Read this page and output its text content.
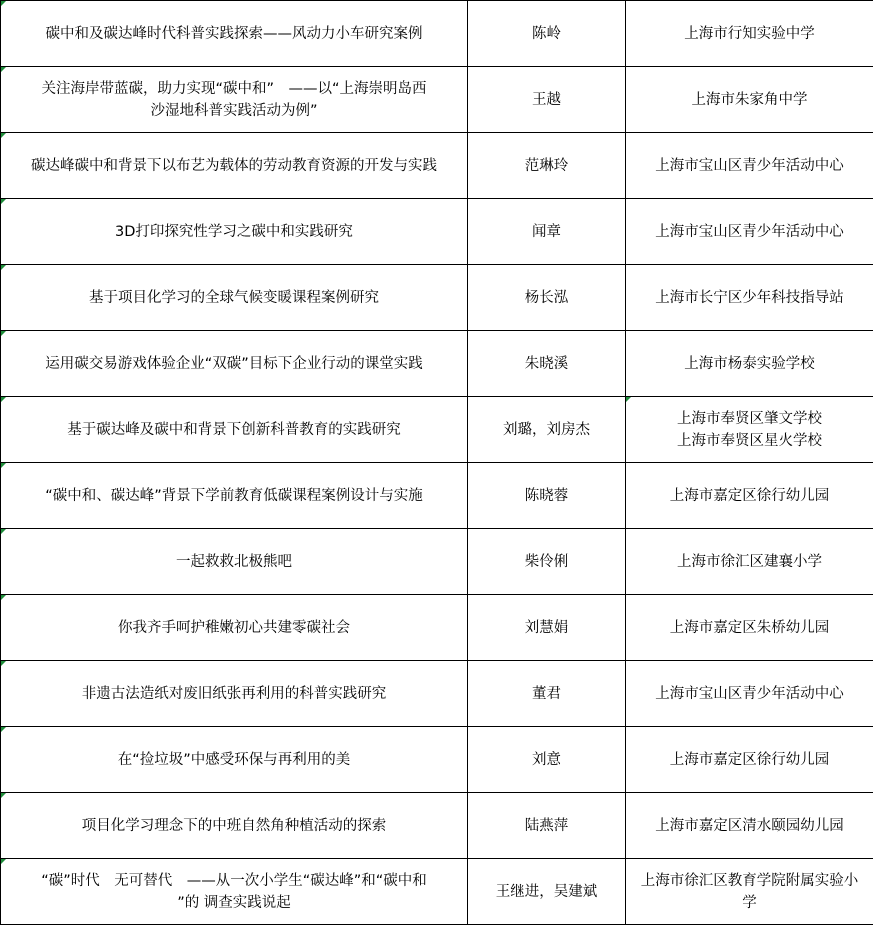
碳中和及碳达峰时代科普实践探索——风动力小车研究案例	陈岭	上海市行知实验中学

关注海岸带蓝碳，助力实现“碳中和”　——以“上海崇明岛西
沙湿地科普实践活动为例”	王越	上海市朱家角中学

碳达峰碳中和背景下以布艺为载体的劳动教育资源的开发与实践	范琳玲	上海市宝山区青少年活动中心

3D打印探究性学习之碳中和实践研究	闻章	上海市宝山区青少年活动中心

基于项目化学习的全球气候变暖课程案例研究	杨长泓	上海市长宁区少年科技指导站

运用碳交易游戏体验企业“双碳”目标下企业行动的课堂实践	朱晓溪	上海市杨泰实验学校

基于碳达峰及碳中和背景下创新科普教育的实践研究	刘璐，刘房杰	上海市奉贤区肇文学校
上海市奉贤区星火学校

“碳中和、碳达峰”背景下学前教育低碳课程案例设计与实施	陈晓蓉	上海市嘉定区徐行幼儿园

一起救救北极熊吧	柴伶俐	上海市徐汇区建襄小学

你我齐手呵护稚嫩初心共建零碳社会	刘慧娟	上海市嘉定区朱桥幼儿园

非遗古法造纸对废旧纸张再利用的科普实践研究	董君	上海市宝山区青少年活动中心

在“捡垃圾”中感受环保与再利用的美	刘意	上海市嘉定区徐行幼儿园

项目化学习理念下的中班自然角种植活动的探索	陆燕萍	上海市嘉定区清水颐园幼儿园

“碳”时代　无可替代　——从一次小学生“碳达峰”和“碳中和
”的 调查实践说起	王继进，吴建斌	上海市徐汇区教育学院附属实验小
学
